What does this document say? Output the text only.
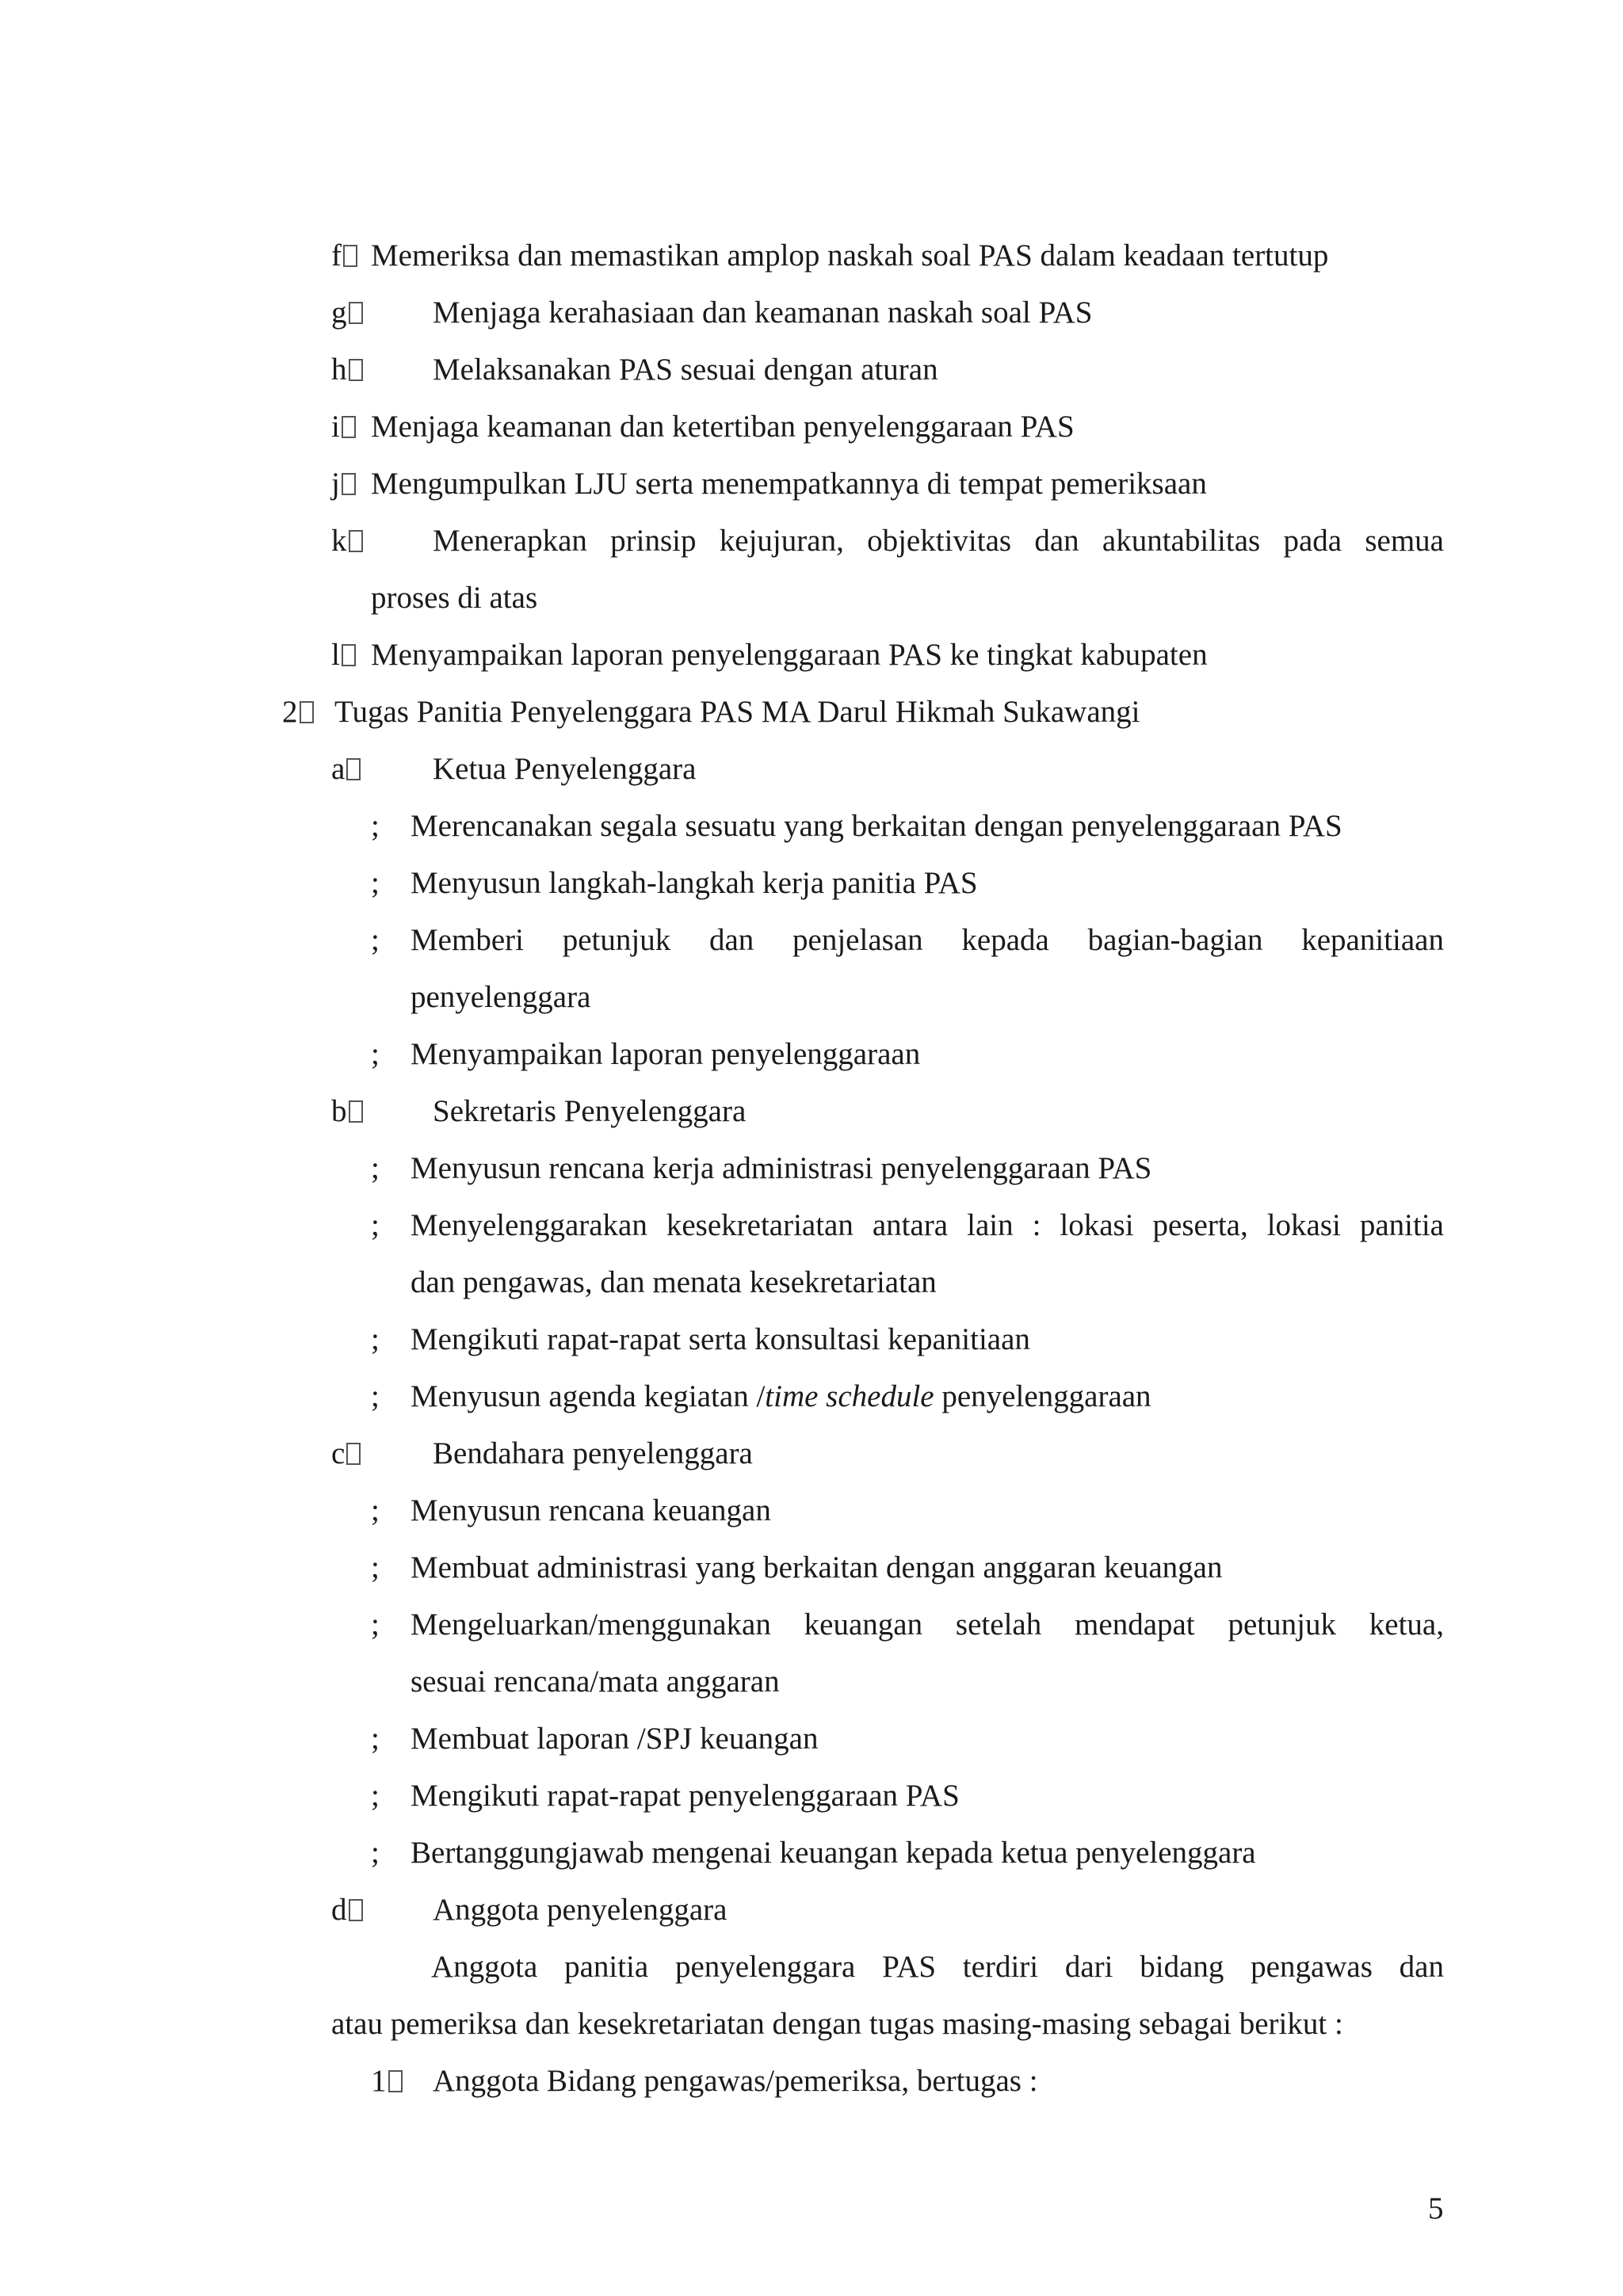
f Memeriksa dan memastikan amplop naskah soal PAS dalam keadaan tertutup
g	Menjaga kerahasiaan dan keamanan naskah soal PAS
h	Melaksanakan PAS sesuai dengan aturan
i	Menjaga keamanan dan ketertiban penyelenggaraan PAS
j	Mengumpulkan LJU serta menempatkannya di tempat pemeriksaan
k	Menerapkan prinsip kejujuran, objektivitas dan akuntabilitas pada semua
proses di atas
l	Menyampaikan laporan penyelenggaraan PAS ke tingkat kabupaten
2	Tugas Panitia Penyelenggara PAS MA Darul Hikmah Sukawangi
a	Ketua Penyelenggara
; Merencanakan segala sesuatu yang berkaitan dengan penyelenggaraan PAS
; Menyusun langkah-langkah kerja panitia PAS
; Memberi petunjuk dan penjelasan kepada bagian-bagian kepanitiaan
penyelenggara
; Menyampaikan laporan penyelenggaraan
b	Sekretaris Penyelenggara
; Menyusun rencana kerja administrasi penyelenggaraan PAS
; Menyelenggarakan kesekretariatan antara lain : lokasi peserta, lokasi panitia
dan pengawas, dan menata kesekretariatan
; Mengikuti rapat-rapat serta konsultasi kepanitiaan
; Menyusun agenda kegiatan /time schedule penyelenggaraan
c	Bendahara penyelenggara
; Menyusun rencana keuangan
; Membuat administrasi yang berkaitan dengan anggaran keuangan
; Mengeluarkan/menggunakan keuangan setelah mendapat petunjuk ketua,
sesuai rencana/mata anggaran
; Membuat laporan /SPJ keuangan
; Mengikuti rapat-rapat penyelenggaraan PAS
; Bertanggungjawab mengenai keuangan kepada ketua penyelenggara
d	Anggota penyelenggara
Anggota panitia penyelenggara PAS terdiri dari bidang pengawas dan
atau pemeriksa dan kesekretariatan dengan tugas masing-masing sebagai berikut :
1	Anggota Bidang pengawas/pemeriksa, bertugas :
5
